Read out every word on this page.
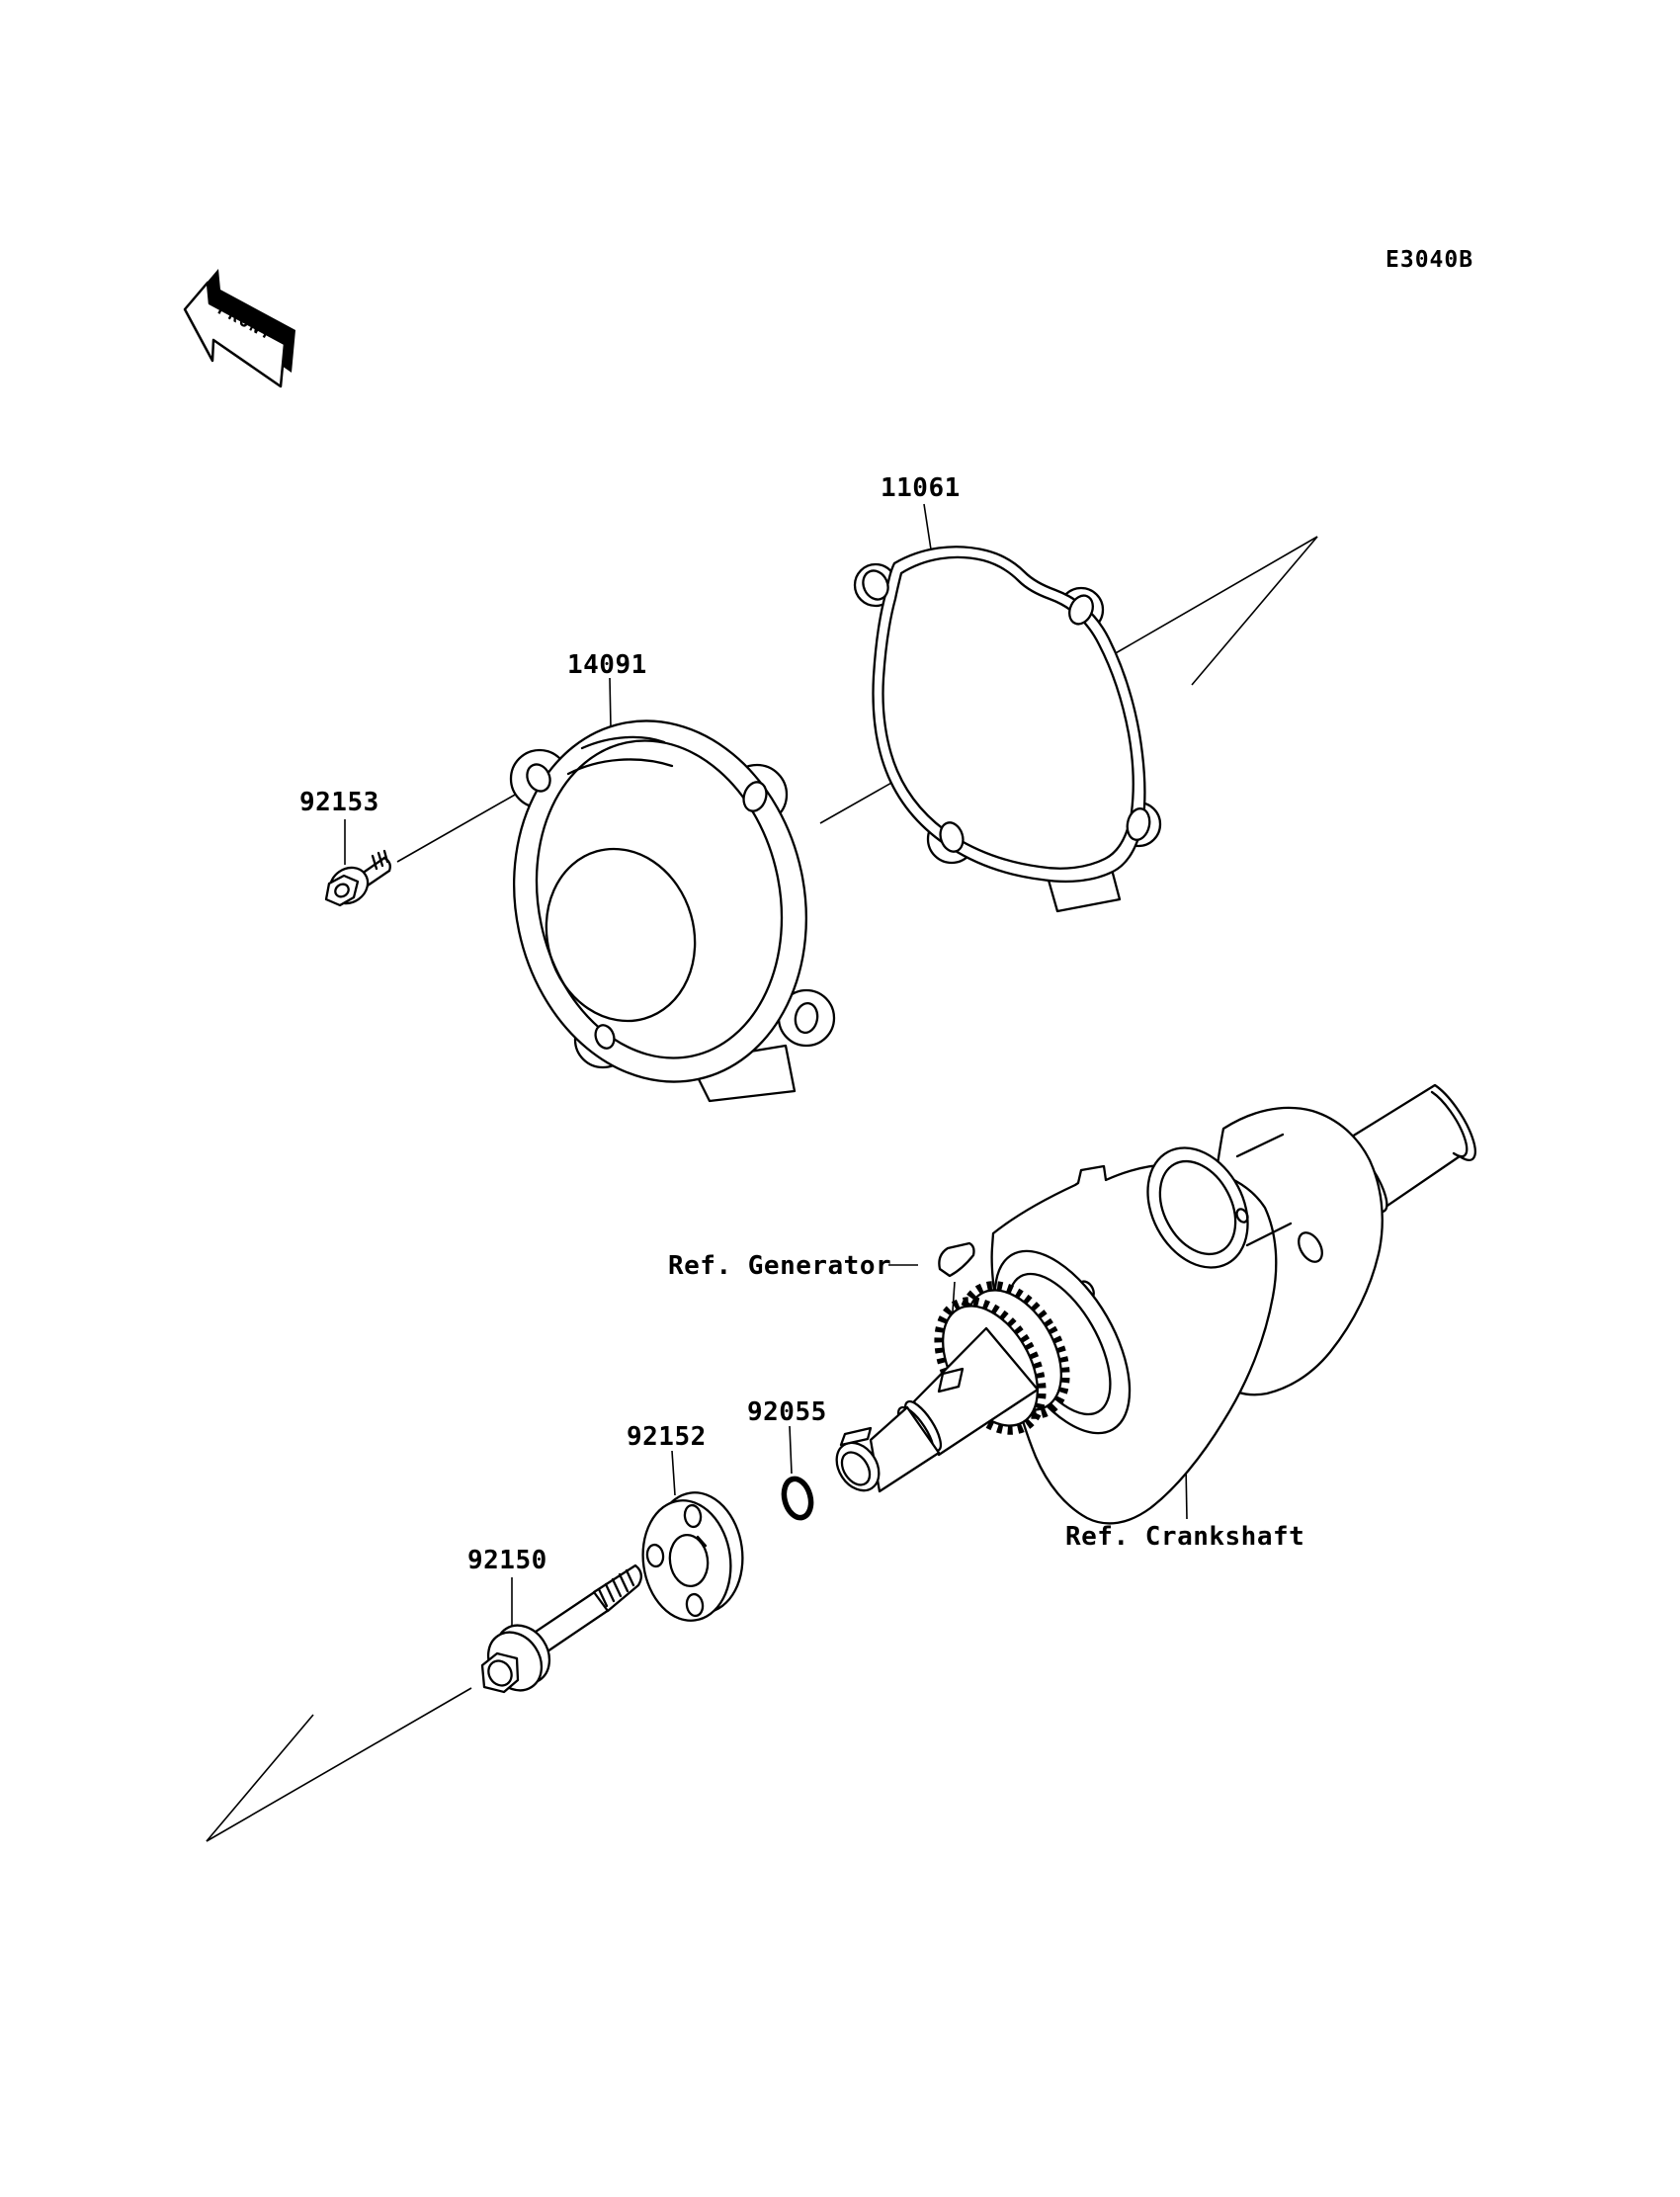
FRONT
E3040B
11061
14091
92153
Ref. Generator
92055
92152
92150
Ref. Crankshaft
